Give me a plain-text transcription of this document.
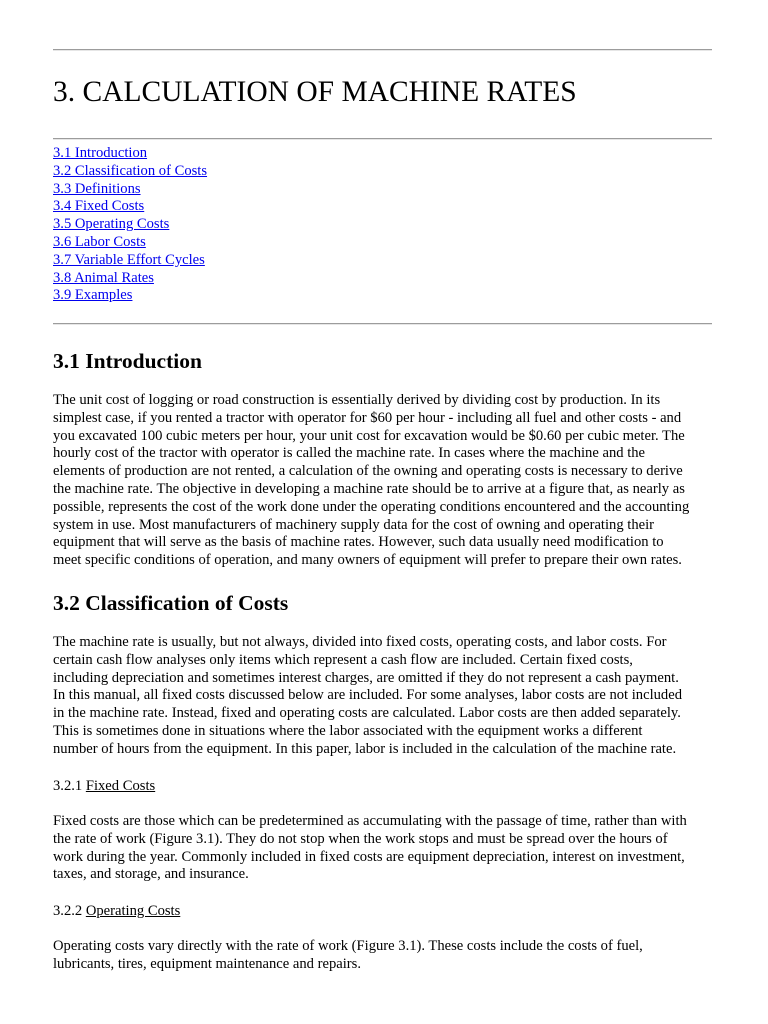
3. CALCULATION OF MACHINE RATES
3.1 Introduction
3.2 Classification of Costs
3.3 Definitions
3.4 Fixed Costs
3.5 Operating Costs
3.6 Labor Costs
3.7 Variable Effort Cycles
3.8 Animal Rates
3.9 Examples
3.1 Introduction

The unit cost of logging or road construction is essentially derived by dividing cost by production. In its
simplest case, if you rented a tractor with operator for $60 per hour - including all fuel and other costs - and
you excavated 100 cubic meters per hour, your unit cost for excavation would be $0.60 per cubic meter. The
hourly cost of the tractor with operator is called the machine rate. In cases where the machine and the
elements of production are not rented, a calculation of the owning and operating costs is necessary to derive
the machine rate. The objective in developing a machine rate should be to arrive at a figure that, as nearly as
possible, represents the cost of the work done under the operating conditions encountered and the accounting
system in use. Most manufacturers of machinery supply data for the cost of owning and operating their
equipment that will serve as the basis of machine rates. However, such data usually need modification to
meet specific conditions of operation, and many owners of equipment will prefer to prepare their own rates.

3.2 Classification of Costs

The machine rate is usually, but not always, divided into fixed costs, operating costs, and labor costs. For
certain cash flow analyses only items which represent a cash flow are included. Certain fixed costs,
including depreciation and sometimes interest charges, are omitted if they do not represent a cash payment.
In this manual, all fixed costs discussed below are included. For some analyses, labor costs are not included
in the machine rate. Instead, fixed and operating costs are calculated. Labor costs are then added separately.
This is sometimes done in situations where the labor associated with the equipment works a different
number of hours from the equipment. In this paper, labor is included in the calculation of the machine rate.

3.2.1 Fixed Costs

Fixed costs are those which can be predetermined as accumulating with the passage of time, rather than with
the rate of work (Figure 3.1). They do not stop when the work stops and must be spread over the hours of
work during the year. Commonly included in fixed costs are equipment depreciation, interest on investment,
taxes, and storage, and insurance.

3.2.2 Operating Costs

Operating costs vary directly with the rate of work (Figure 3.1). These costs include the costs of fuel,
lubricants, tires, equipment maintenance and repairs.
